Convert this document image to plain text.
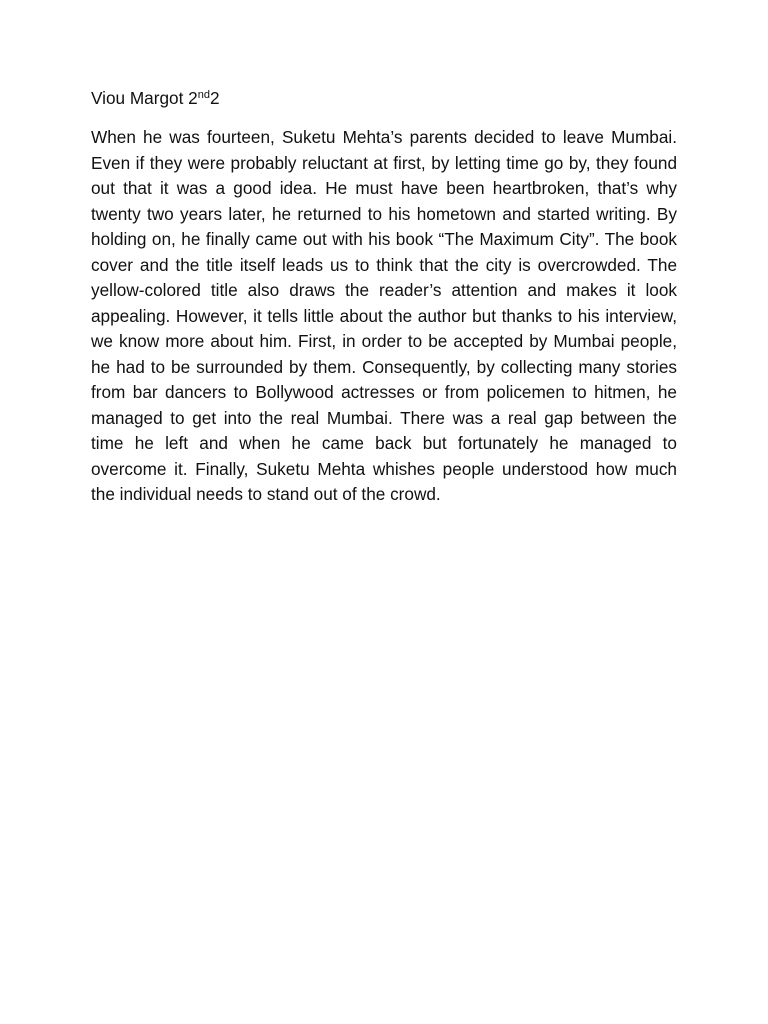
Viou Margot 2nd2

When he was fourteen, Suketu Mehta’s parents decided to leave Mumbai. Even if they were probably reluctant at first, by letting time go by, they found out that it was a good idea. He must have been heartbroken, that’s why twenty two years later, he returned to his hometown and started writing. By holding on, he finally came out with his book “The Maximum City”. The book cover and the title itself leads us to think that the city is overcrowded. The yellow-colored title also draws the reader’s attention and makes it look appealing. However, it tells little about the author but thanks to his interview, we know more about him. First, in order to be accepted by Mumbai people, he had to be surrounded by them. Consequently, by collecting many stories from bar dancers to Bollywood actresses or from policemen to hitmen, he managed to get into the real Mumbai. There was a real gap between the time he left and when he came back but fortunately he managed to overcome it. Finally, Suketu Mehta whishes people understood how much the individual needs to stand out of the crowd.
